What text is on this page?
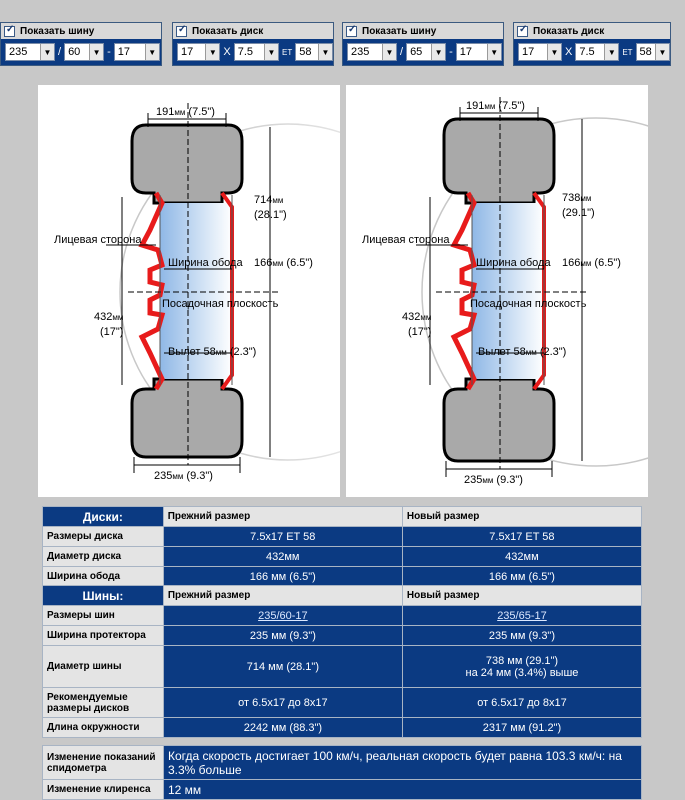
✓
Показать шину
235	▼ / 60	▼ - 17	▼
✓
Показать диск
17	▼ X 7.5	▼ ET 58	▼
✓
Показать шину
235	▼ / 65	▼ - 17	▼
✓
Показать диск
17	▼ X 7.5	▼ ET 58 ▼
191мм (7.5")
714мм
(28.1")
432мм
(17")
Лицевая сторона
Ширина обода 166мм (6.5")
Посадочная плоскость
Вылет 58мм (2.3")
235мм (9.3")
191мм (7.5")
738мм
(29.1")
432мм
(17")
Лицевая сторона
Ширина обода 166мм (6.5")
Посадочная плоскость
Вылет 58мм (2.3")
235мм (9.3")
Диски:	Прежний размер	Новый размер
Размеры диска	7.5x17 ET 58	7.5x17 ET 58
Диаметр диска	432мм	432мм
Ширина обода	166 мм (6.5")	166 мм (6.5")
Шины:	Прежний размер	Новый размер
Размеры шин	235/60-17	235/65-17
Ширина протектора	235 мм (9.3")	235 мм (9.3")
Диаметр шины	714 мм (28.1")	738 мм (29.1")
на 24 мм (3.4%) выше

Рекомендуемые размеры дисков	от 6.5x17 до 8x17	от 6.5x17 до 8x17
Длина окружности	2242 мм (88.3")	2317 мм (91.2")
Изменение показаний спидометра	Когда скорость достигает 100 км/ч, реальная скорость будет равна 103.3 км/ч: на 3.3% больше
Изменение клиренса	12 мм
